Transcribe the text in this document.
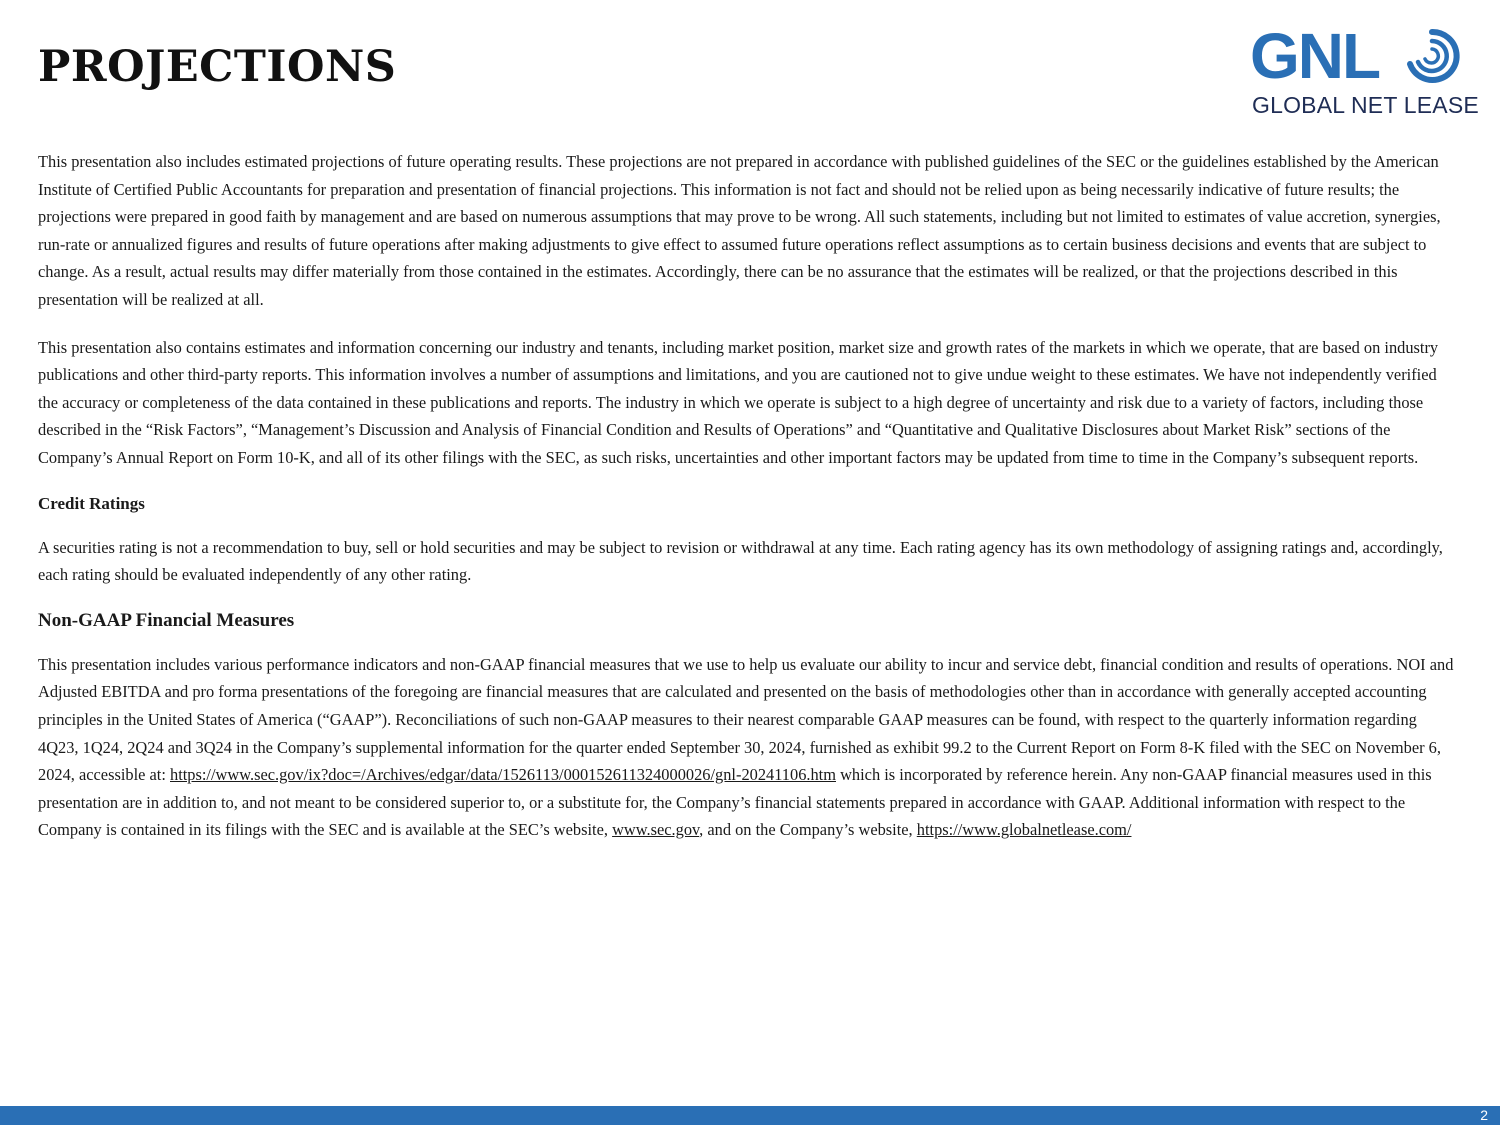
PROJECTIONS	GNL
GLOBAL NET LEASE

This presentation also includes estimated projections of future operating results. These projections are not prepared in accordance with published guidelines of the SEC or the guidelines established by the American Institute of Certified Public Accountants for preparation and presentation of financial projections. This information is not fact and should not be relied upon as being necessarily indicative of future results; the projections were prepared in good faith by management and are based on numerous assumptions that may prove to be wrong. All such statements, including but not limited to estimates of value accretion, synergies, run-rate or annualized figures and results of future operations after making adjustments to give effect to assumed future operations reflect assumptions as to certain business decisions and events that are subject to change. As a result, actual results may differ materially from those contained in the estimates. Accordingly, there can be no assurance that the estimates will be realized, or that the projections described in this presentation will be realized at all.

This presentation also contains estimates and information concerning our industry and tenants, including market position, market size and growth rates of the markets in which we operate, that are based on industry publications and other third-party reports. This information involves a number of assumptions and limitations, and you are cautioned not to give undue weight to these estimates. We have not independently verified the accuracy or completeness of the data contained in these publications and reports. The industry in which we operate is subject to a high degree of uncertainty and risk due to a variety of factors, including those described in the “Risk Factors”, “Management’s Discussion and Analysis of Financial Condition and Results of Operations” and “Quantitative and Qualitative Disclosures about Market Risk” sections of the Company’s Annual Report on Form 10-K, and all of its other filings with the SEC, as such risks, uncertainties and other important factors may be updated from time to time in the Company’s subsequent reports.

Credit Ratings

A securities rating is not a recommendation to buy, sell or hold securities and may be subject to revision or withdrawal at any time. Each rating agency has its own methodology of assigning ratings and, accordingly, each rating should be evaluated independently of any other rating.

Non-GAAP Financial Measures

This presentation includes various performance indicators and non-GAAP financial measures that we use to help us evaluate our ability to incur and service debt, financial condition and results of operations. NOI and Adjusted EBITDA and pro forma presentations of the foregoing are financial measures that are calculated and presented on the basis of methodologies other than in accordance with generally accepted accounting principles in the United States of America (“GAAP”). Reconciliations of such non-GAAP measures to their nearest comparable GAAP measures can be found, with respect to the quarterly information regarding 4Q23, 1Q24, 2Q24 and 3Q24 in the Company’s supplemental information for the quarter ended September 30, 2024, furnished as exhibit 99.2 to the Current Report on Form 8-K filed with the SEC on November 6, 2024, accessible at: https://www.sec.gov/ix?doc=/Archives/edgar/data/1526113/000152611324000026/gnl-20241106.htm which is incorporated by reference herein. Any non-GAAP financial measures used in this presentation are in addition to, and not meant to be considered superior to, or a substitute for, the Company’s financial statements prepared in accordance with GAAP. Additional information with respect to the Company is contained in its filings with the SEC and is available at the SEC’s website, www.sec.gov, and on the Company’s website, https://www.globalnetlease.com/

2
